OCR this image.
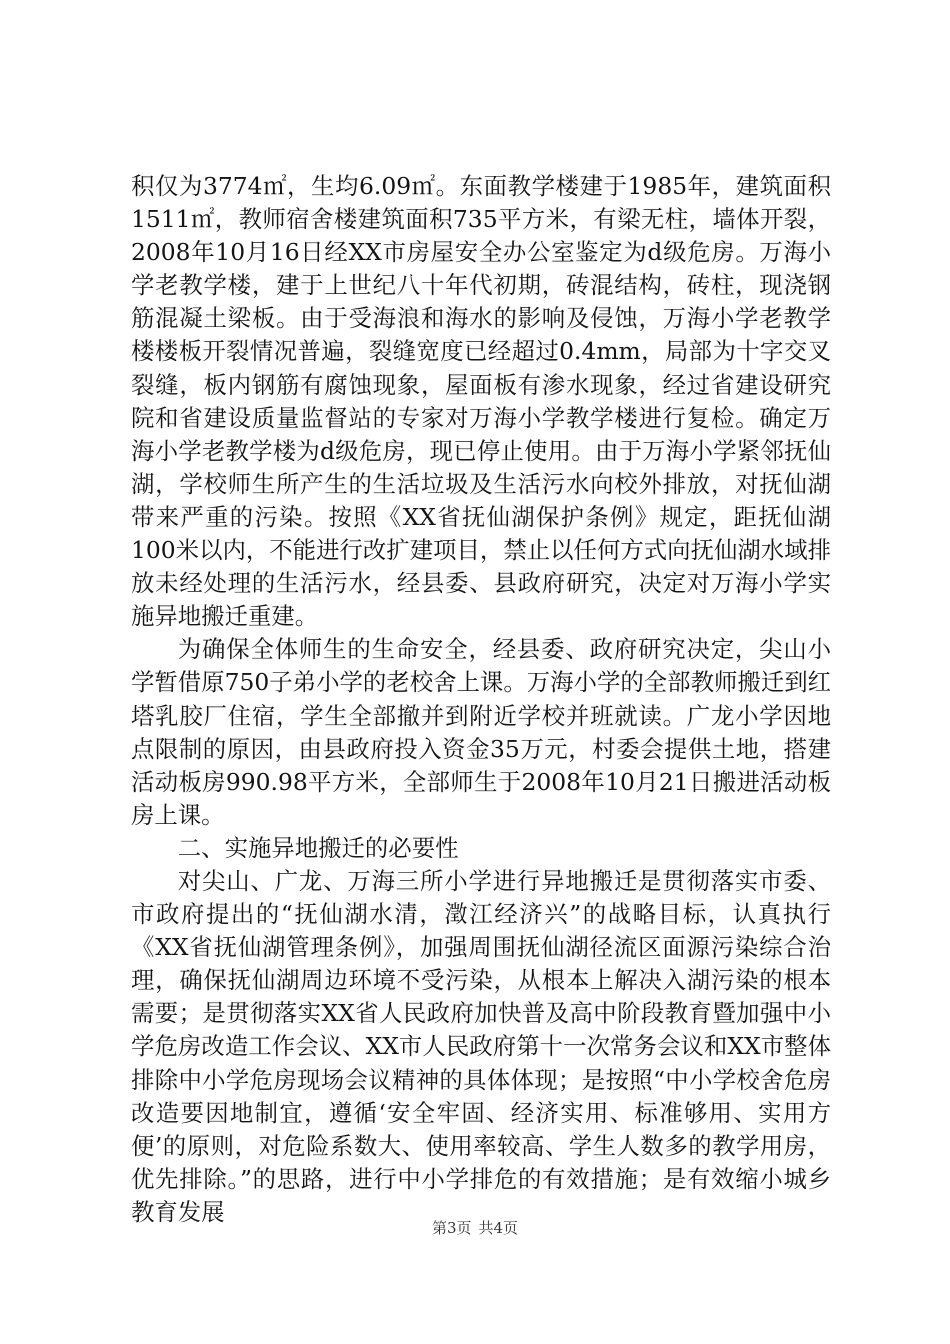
积仅为3774㎡，生均6.09㎡。东面教学楼建于1985年，建筑面积1511㎡，教师宿舍楼建筑面积735平方米，有梁无柱，墙体开裂，2008年10月16日经XX市房屋安全办公室鉴定为d级危房。万海小学老教学楼，建于上世纪八十年代初期，砖混结构，砖柱，现浇钢筋混凝土梁板。由于受海浪和海水的影响及侵蚀，万海小学老教学楼楼板开裂情况普遍，裂缝宽度已经超过0.4mm，局部为十字交叉裂缝，板内钢筋有腐蚀现象，屋面板有渗水现象，经过省建设研究院和省建设质量监督站的专家对万海小学教学楼进行复检。确定万海小学老教学楼为d级危房，现已停止使用。由于万海小学紧邻抚仙湖，学校师生所产生的生活垃圾及生活污水向校外排放，对抚仙湖带来严重的污染。按照《XX省抚仙湖保护条例》规定，距抚仙湖100米以内，不能进行改扩建项目，禁止以任何方式向抚仙湖水域排放未经处理的生活污水，经县委、县政府研究，决定对万海小学实施异地搬迁重建。

为确保全体师生的生命安全，经县委、政府研究决定，尖山小学暂借原750子弟小学的老校舍上课。万海小学的全部教师搬迁到红塔乳胶厂住宿，学生全部撤并到附近学校并班就读。广龙小学因地点限制的原因，由县政府投入资金35万元，村委会提供土地，搭建活动板房990.98平方米，全部师生于2008年10月21日搬进活动板房上课。

二、实施异地搬迁的必要性

对尖山、广龙、万海三所小学进行异地搬迁是贯彻落实市委、市政府提出的“抚仙湖水清，澂江经济兴”的战略目标，认真执行《XX省抚仙湖管理条例》，加强周围抚仙湖径流区面源污染综合治理，确保抚仙湖周边环境不受污染，从根本上解决入湖污染的根本需要；是贯彻落实XX省人民政府加快普及高中阶段教育暨加强中小学危房改造工作会议、XX市人民政府第十一次常务会议和XX市整体排除中小学危房现场会议精神的具体体现；是按照“中小学校舍危房改造要因地制宜，遵循‘安全牢固、经济实用、标准够用、实用方便’的原则，对危险系数大、使用率较高、学生人数多的教学用房，优先排除。”的思路，进行中小学排危的有效措施；是有效缩小城乡教育发展

第3页 共4页
